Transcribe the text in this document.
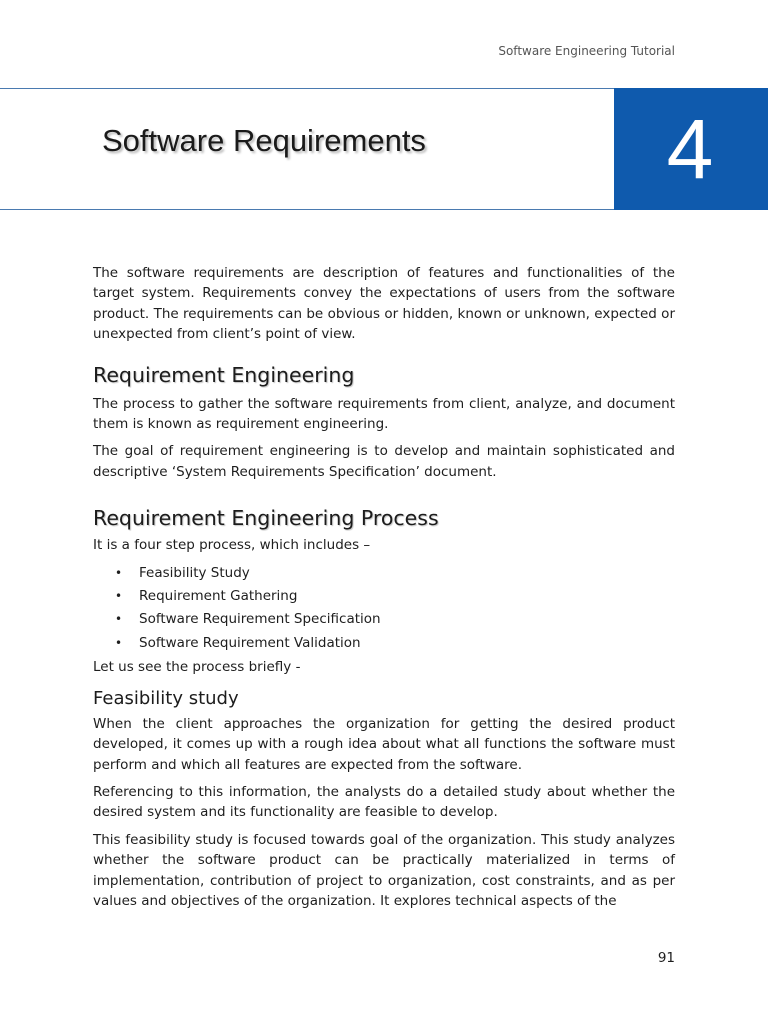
Software Engineering Tutorial
Software Requirements	4

The software requirements are description of features and functionalities of the target system. Requirements convey the expectations of users from the software product. The requirements can be obvious or hidden, known or unknown, expected or unexpected from client’s point of view.

Requirement Engineering

The process to gather the software requirements from client, analyze, and document them is known as requirement engineering.

The goal of requirement engineering is to develop and maintain sophisticated and descriptive ‘System Requirements Specification’ document.

Requirement Engineering Process

It is a four step process, which includes –

• Feasibility Study
• Requirement Gathering
• Software Requirement Specification
• Software Requirement Validation

Let us see the process briefly -

Feasibility study

When the client approaches the organization for getting the desired product developed, it comes up with a rough idea about what all functions the software must perform and which all features are expected from the software.

Referencing to this information, the analysts do a detailed study about whether the desired system and its functionality are feasible to develop.

This feasibility study is focused towards goal of the organization. This study analyzes whether the software product can be practically materialized in terms of implementation, contribution of project to organization, cost constraints, and as per values and objectives of the organization. It explores technical aspects of the

91
